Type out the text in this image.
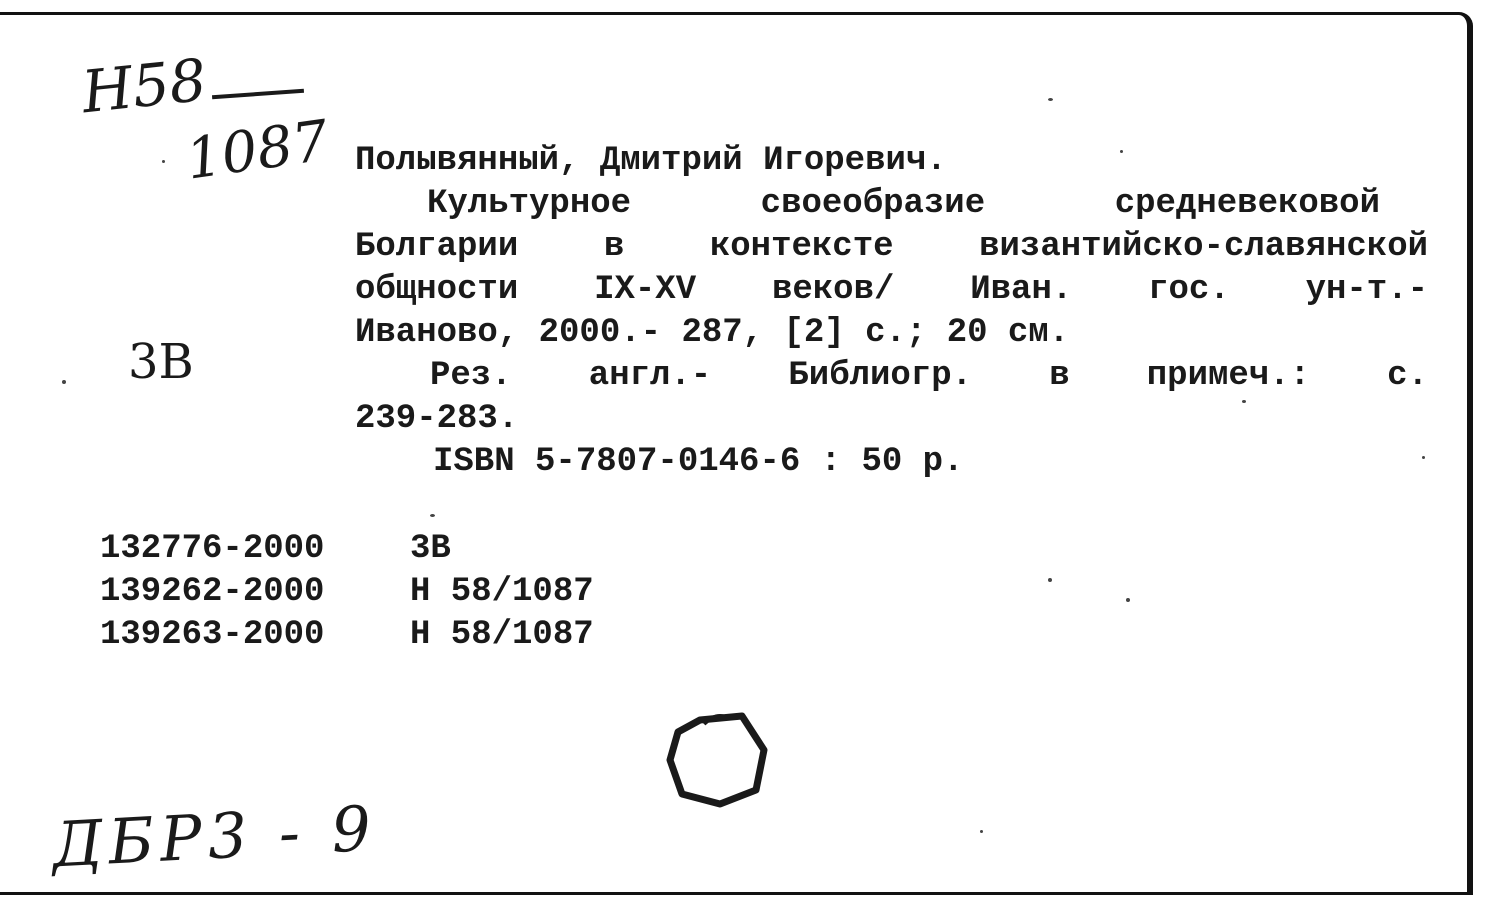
Н58
1087
3В
Полывянный, Дмитрий Игоревич.
Культурное своеобразие средневековой
Болгарии в контексте византийско-славянской
общности IX-XV веков/ Иван. гос. ун-т.-
Иваново, 2000.- 287, [2] с.; 20 см.
Рез. англ.- Библиогр. в примеч.: с.
239-283.
ISBN 5-7807-0146-6 : 50 р.
132776-2000	3В
139262-2000	Н 58/1087
139263-2000	Н 58/1087
ДБР3 - 9
